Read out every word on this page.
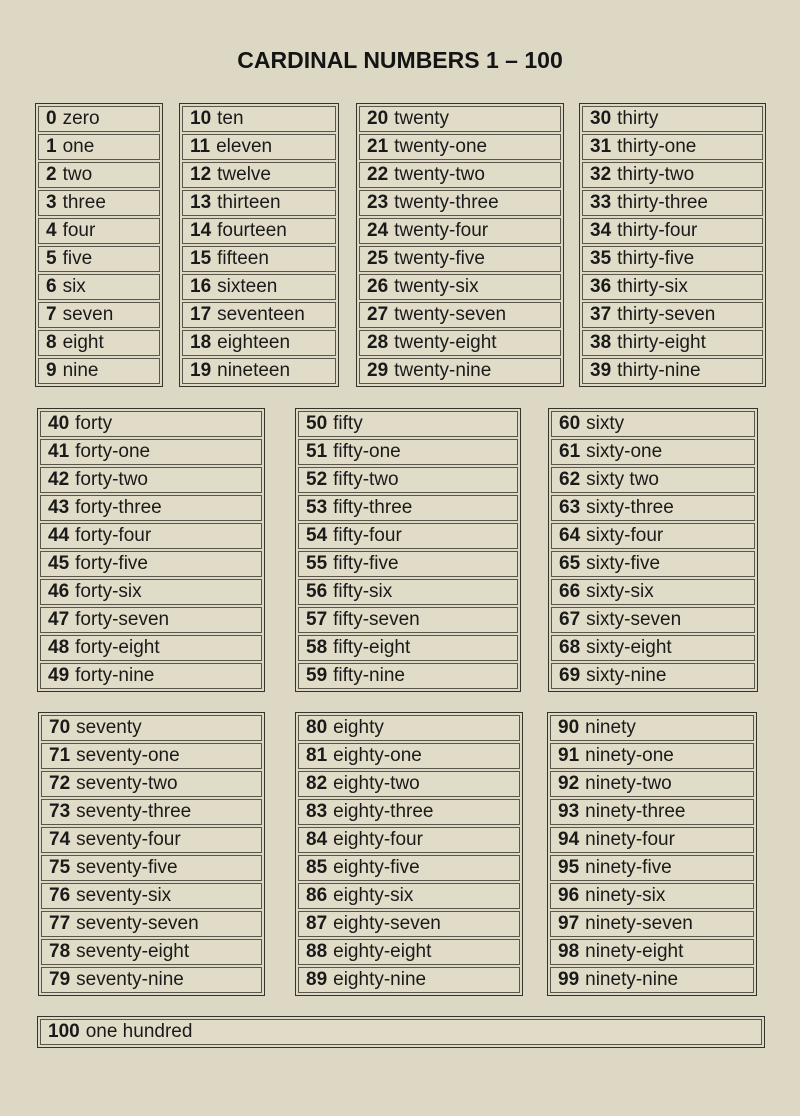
CARDINAL NUMBERS 1 – 100
0 zero
1 one
2 two
3 three
4 four
5 five
6 six
7 seven
8 eight
9 nine
10 ten
11 eleven
12 twelve
13 thirteen
14 fourteen
15 fifteen
16 sixteen
17 seventeen
18 eighteen
19 nineteen
20 twenty
21 twenty-one
22 twenty-two
23 twenty-three
24 twenty-four
25 twenty-five
26 twenty-six
27 twenty-seven
28 twenty-eight
29 twenty-nine
30 thirty
31 thirty-one
32 thirty-two
33 thirty-three
34 thirty-four
35 thirty-five
36 thirty-six
37 thirty-seven
38 thirty-eight
39 thirty-nine
40 forty
41 forty-one
42 forty-two
43 forty-three
44 forty-four
45 forty-five
46 forty-six
47 forty-seven
48 forty-eight
49 forty-nine
50 fifty
51 fifty-one
52 fifty-two
53 fifty-three
54 fifty-four
55 fifty-five
56 fifty-six
57 fifty-seven
58 fifty-eight
59 fifty-nine
60 sixty
61 sixty-one
62 sixty two
63 sixty-three
64 sixty-four
65 sixty-five
66 sixty-six
67 sixty-seven
68 sixty-eight
69 sixty-nine
70 seventy
71 seventy-one
72 seventy-two
73 seventy-three
74 seventy-four
75 seventy-five
76 seventy-six
77 seventy-seven
78 seventy-eight
79 seventy-nine
80 eighty
81 eighty-one
82 eighty-two
83 eighty-three
84 eighty-four
85 eighty-five
86 eighty-six
87 eighty-seven
88 eighty-eight
89 eighty-nine
90 ninety
91 ninety-one
92 ninety-two
93 ninety-three
94 ninety-four
95 ninety-five
96 ninety-six
97 ninety-seven
98 ninety-eight
99 ninety-nine
100 one hundred
